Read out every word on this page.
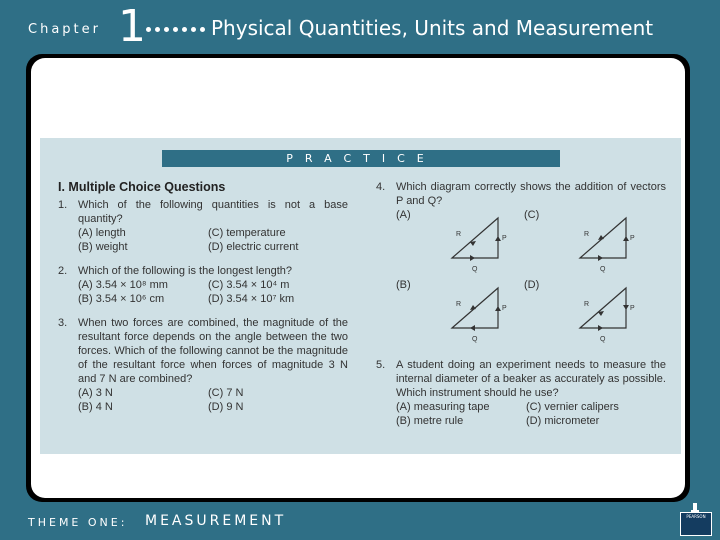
Chapter 1	Physical Quantities, Units and Measurement
PRACTICE
I. Multiple Choice Questions
1. Which of the following quantities is not a base quantity?
(A) length	(C) temperature
(B) weight	(D) electric current
2. Which of the following is the longest length?
(A) 3.54 × 10⁸ mm	(C) 3.54 × 10⁴ m
(B) 3.54 × 10⁶ cm	(D) 3.54 × 10⁷ km
3. When two forces are combined, the magnitude of the resultant force depends on the angle between the two forces. Which of the following cannot be the magnitude of the resultant force when forces of magnitude 3 N and 7 N are combined?
(A) 3 N	(C) 7 N
(B) 4 N	(D) 9 N
4. Which diagram correctly shows the addition of vectors P and Q?
(A)
R
P
Q
(C)
R
P
Q
(B)
R
P
Q
(D)
R
P
Q
5. A student doing an experiment needs to measure the internal diameter of a beaker as accurately as possible. Which instrument should he use?
(A) measuring tape	(C) vernier calipers
(B) metre rule	(D) micrometer
THEME ONE: MEASUREMENT	PEARSON
